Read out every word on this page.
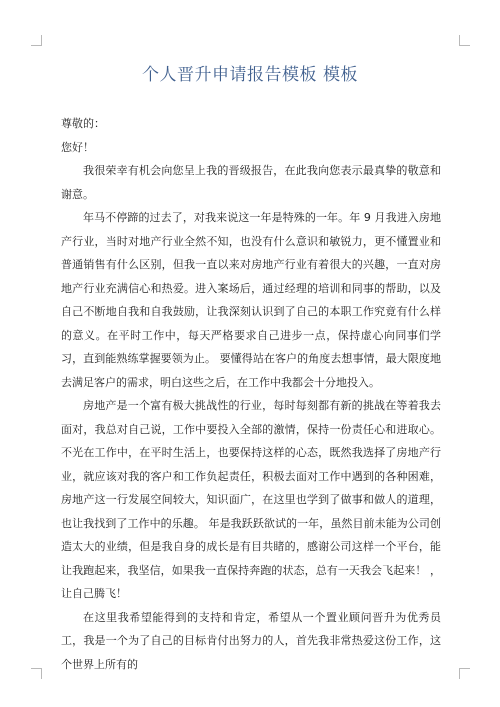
个人晋升申请报告模板 模板

尊敬的：

您好！

我很荣幸有机会向您呈上我的晋级报告，在此我向您表示最真挚的敬意和谢意。

年马不停蹄的过去了，对我来说这一年是特殊的一年。年 9 月我进入房地产行业，当时对地产行业全然不知，也没有什么意识和敏锐力，更不懂置业和普通销售有什么区别，但我一直以来对房地产行业有着很大的兴趣，一直对房地产行业充满信心和热爱。进入案场后，通过经理的培训和同事的帮助，以及自己不断地自我和自我鼓励，让我深刻认识到了自己的本职工作究竟有什么样的意义。在平时工作中，每天严格要求自己进步一点，保持虚心向同事们学习，直到能熟练掌握要领为止。 要懂得站在客户的角度去想事情，最大限度地去满足客户的需求，明白这些之后，在工作中我都会十分地投入。

房地产是一个富有极大挑战性的行业，每时每刻都有新的挑战在等着我去面对，我总对自己说，工作中要投入全部的激情，保持一份责任心和进取心。不光在工作中，在平时生活上，也要保持这样的心态，既然我选择了房地产行业，就应该对我的客户和工作负起责任，积极去面对工作中遇到的各种困难，房地产这一行发展空间较大，知识面广，在这里也学到了做事和做人的道理，也让我找到了工作中的乐趣。 年是我跃跃欲试的一年，虽然目前未能为公司创造太大的业绩，但是我自身的成长是有目共睹的，感谢公司这样一个平台，能让我跑起来，我坚信，如果我一直保持奔跑的状态，总有一天我会飞起来！ ， 让自己腾飞！

在这里我希望能得到的支持和肯定，希望从一个置业顾问晋升为优秀员工，我是一个为了自己的目标肯付出努力的人，首先我非常热爱这份工作，这个世界上所有的
